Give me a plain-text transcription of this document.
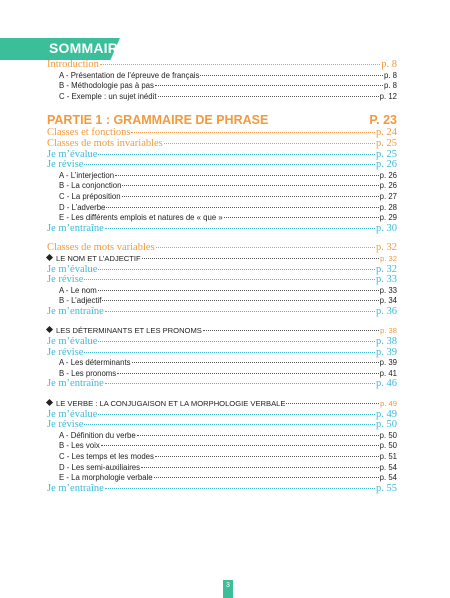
SOMMAIRE
Introduction	p. 8
A - Présentation de l’épreuve de français	p. 8
B - Méthodologie pas à pas	p. 8
C - Exemple : un sujet inédit	p. 12
PARTIE 1 : GRAMMAIRE DE PHRASE	P. 23
Classes et fonctions	p. 24
Classes de mots invariables	p. 25
Je m’évalue	p. 25
Je révise	p. 26
A - L’interjection	p. 26
B - La conjonction	p. 26
C - La préposition	p. 27
D - L’adverbe	p. 28
E - Les différents emplois et natures de « que »	p. 29
Je m’entraîne	p. 30
Classes de mots variables	p. 32
LE NOM ET L’ADJECTIF	p. 32
Je m’évalue	p. 32
Je révise	p. 33
A - Le nom	p. 33
B - L’adjectif	p. 34
Je m’entraîne	p. 36
LES DÉTERMINANTS ET LES PRONOMS	p. 38
Je m’évalue	p. 38
Je révise	p. 39
A - Les déterminants	p. 39
B - Les pronoms	p. 41
Je m’entraîne	p. 46
LE VERBE : LA CONJUGAISON ET LA MORPHOLOGIE VERBALE	p. 49
Je m’évalue	p. 49
Je révise	p. 50
A - Définition du verbe	p. 50
B - Les voix	p. 50
C - Les temps et les modes	p. 51
D - Les semi-auxiliaires	p. 54
E - La morphologie verbale	p. 54
Je m’entraîne	p. 55
3
